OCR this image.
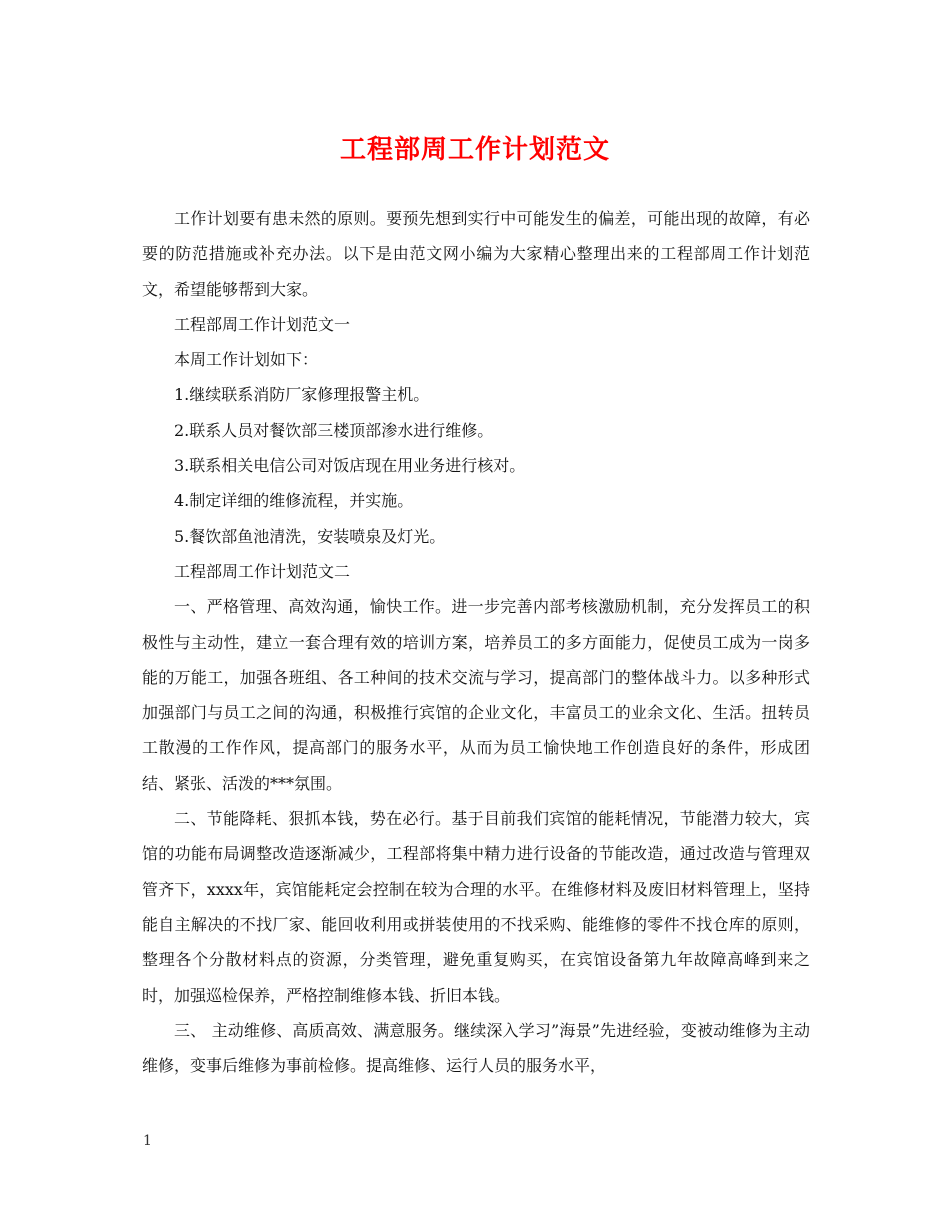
工程部周工作计划范文

工作计划要有患未然的原则。要预先想到实行中可能发生的偏差，可能出现的故障，有必要的防范措施或补充办法。以下是由范文网小编为大家精心整理出来的工程部周工作计划范文，希望能够帮到大家。

工程部周工作计划范文一

本周工作计划如下：

1.继续联系消防厂家修理报警主机。

2.联系人员对餐饮部三楼顶部渗水进行维修。

3.联系相关电信公司对饭店现在用业务进行核对。

4.制定详细的维修流程，并实施。

5.餐饮部鱼池清洗，安装喷泉及灯光。

工程部周工作计划范文二

一、严格管理、高效沟通，愉快工作。进一步完善内部考核激励机制，充分发挥员工的积极性与主动性，建立一套合理有效的培训方案，培养员工的多方面能力，促使员工成为一岗多能的万能工，加强各班组、各工种间的技术交流与学习，提高部门的整体战斗力。以多种形式加强部门与员工之间的沟通，积极推行宾馆的企业文化，丰富员工的业余文化、生活。扭转员工散漫的工作作风，提高部门的服务水平，从而为员工愉快地工作创造良好的条件，形成团结、紧张、活泼的***氛围。

二、节能降耗、狠抓本钱，势在必行。基于目前我们宾馆的能耗情况，节能潜力较大，宾馆的功能布局调整改造逐渐减少，工程部将集中精力进行设备的节能改造，通过改造与管理双管齐下，xxxx年，宾馆能耗定会控制在较为合理的水平。在维修材料及废旧材料管理上，坚持能自主解决的不找厂家、能回收利用或拼装使用的不找采购、能维修的零件不找仓库的原则，整理各个分散材料点的资源，分类管理，避免重复购买，在宾馆设备第九年故障高峰到来之时，加强巡检保养，严格控制维修本钱、折旧本钱。

三、 主动维修、高质高效、满意服务。继续深入学习”海景”先进经验，变被动维修为主动维修，变事后维修为事前检修。提高维修、运行人员的服务水平，

1
